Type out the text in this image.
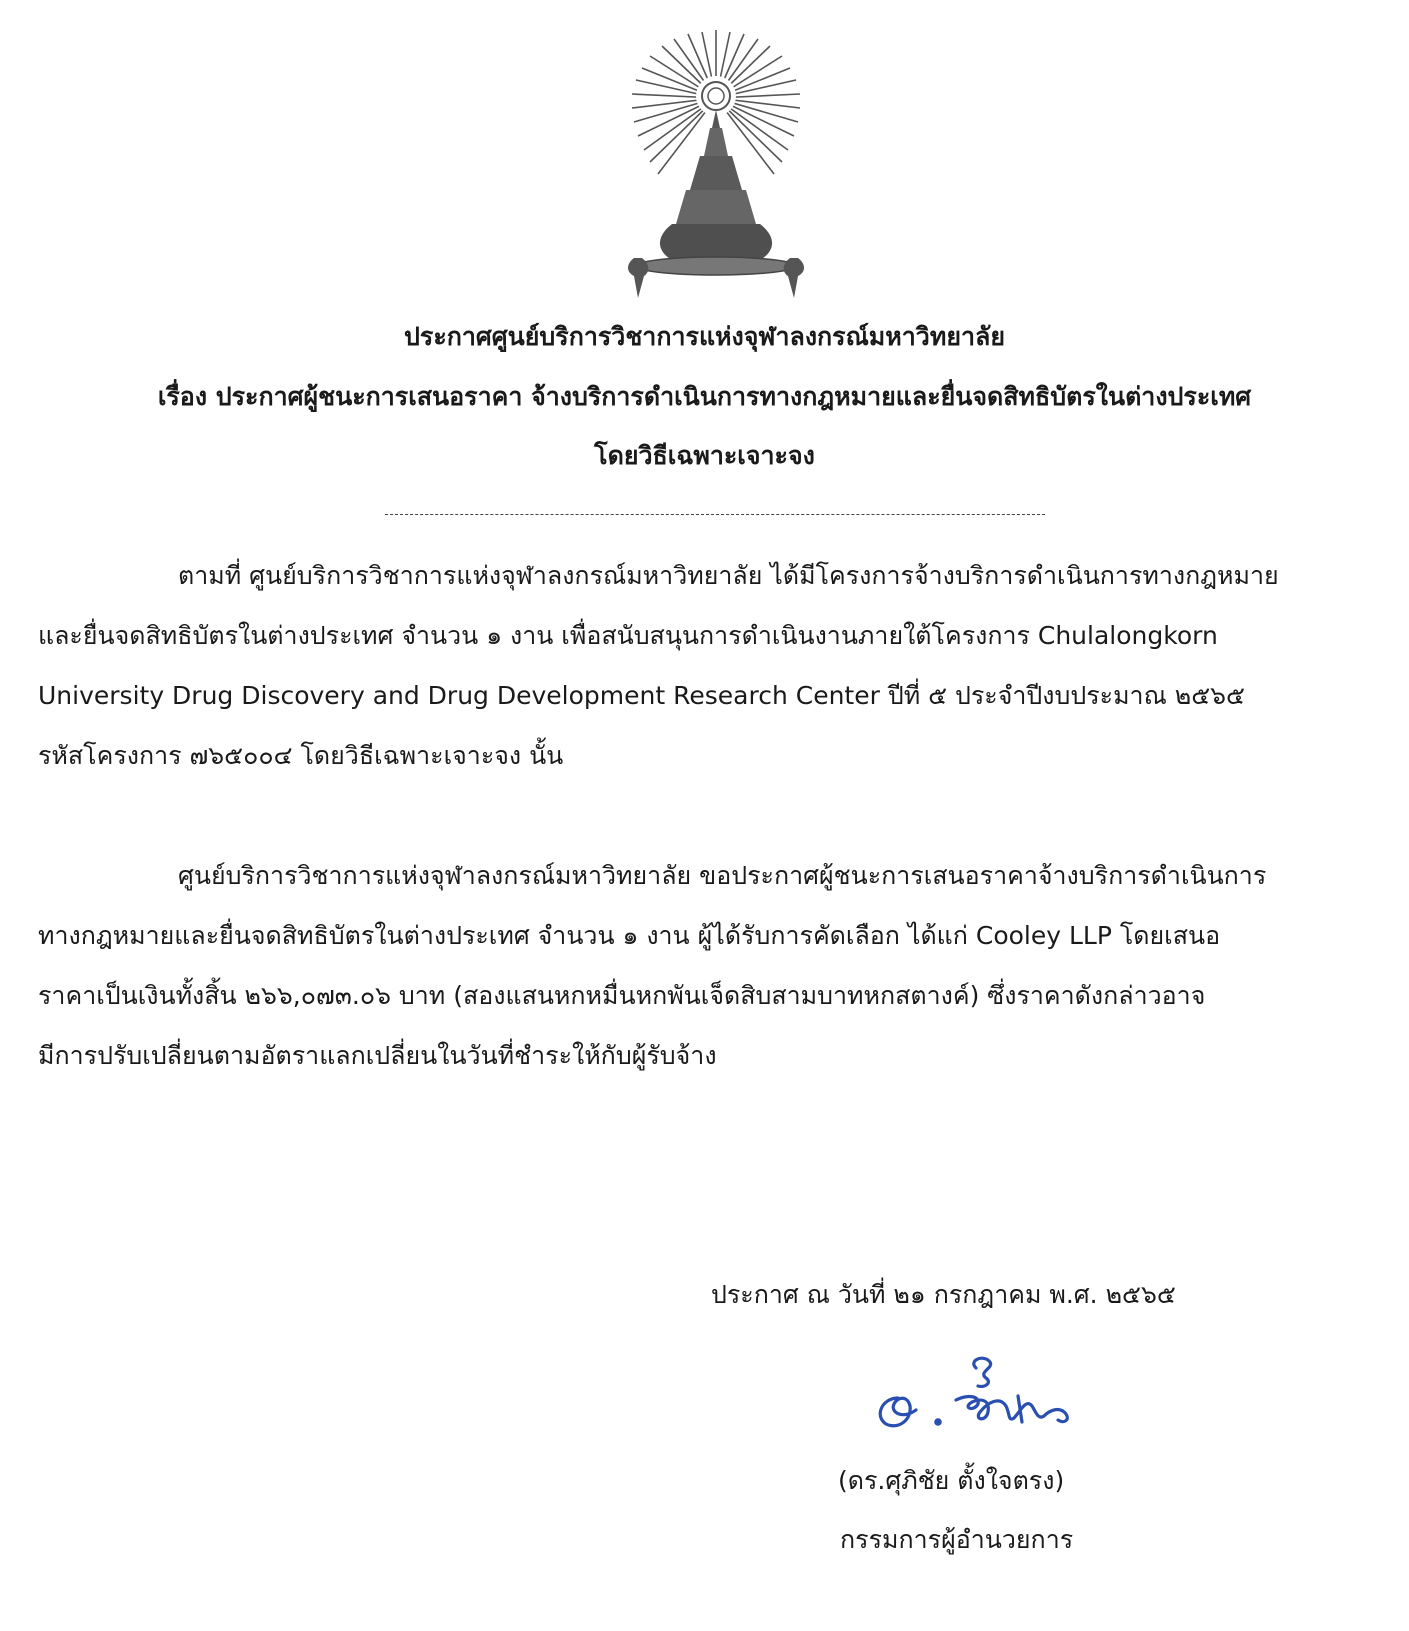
ประกาศศูนย์บริการวิชาการแห่งจุฬาลงกรณ์มหาวิทยาลัย
เรื่อง ประกาศผู้ชนะการเสนอราคา จ้างบริการดำเนินการทางกฎหมายและยื่นจดสิทธิบัตรในต่างประเทศ
โดยวิธีเฉพาะเจาะจง
ตามที่ ศูนย์บริการวิชาการแห่งจุฬาลงกรณ์มหาวิทยาลัย ได้มีโครงการจ้างบริการดำเนินการทางกฎหมาย
และยื่นจดสิทธิบัตรในต่างประเทศ จำนวน ๑ งาน เพื่อสนับสนุนการดำเนินงานภายใต้โครงการ Chulalongkorn
University Drug Discovery and Drug Development Research Center ปีที่ ๕ ประจำปีงบประมาณ ๒๕๖๕
รหัสโครงการ ๗๖๕๐๐๔ โดยวิธีเฉพาะเจาะจง นั้น
ศูนย์บริการวิชาการแห่งจุฬาลงกรณ์มหาวิทยาลัย ขอประกาศผู้ชนะการเสนอราคาจ้างบริการดำเนินการ
ทางกฎหมายและยื่นจดสิทธิบัตรในต่างประเทศ จำนวน ๑ งาน ผู้ได้รับการคัดเลือก ได้แก่ Cooley LLP โดยเสนอ
ราคาเป็นเงินทั้งสิ้น ๒๖๖,๐๗๓.๐๖ บาท (สองแสนหกหมื่นหกพันเจ็ดสิบสามบาทหกสตางค์) ซึ่งราคาดังกล่าวอาจ
มีการปรับเปลี่ยนตามอัตราแลกเปลี่ยนในวันที่ชำระให้กับผู้รับจ้าง
ประกาศ ณ วันที่ ๒๑ กรกฎาคม พ.ศ. ๒๕๖๕
(ดร.ศุภิชัย ตั้งใจตรง)
กรรมการผู้อำนวยการ
